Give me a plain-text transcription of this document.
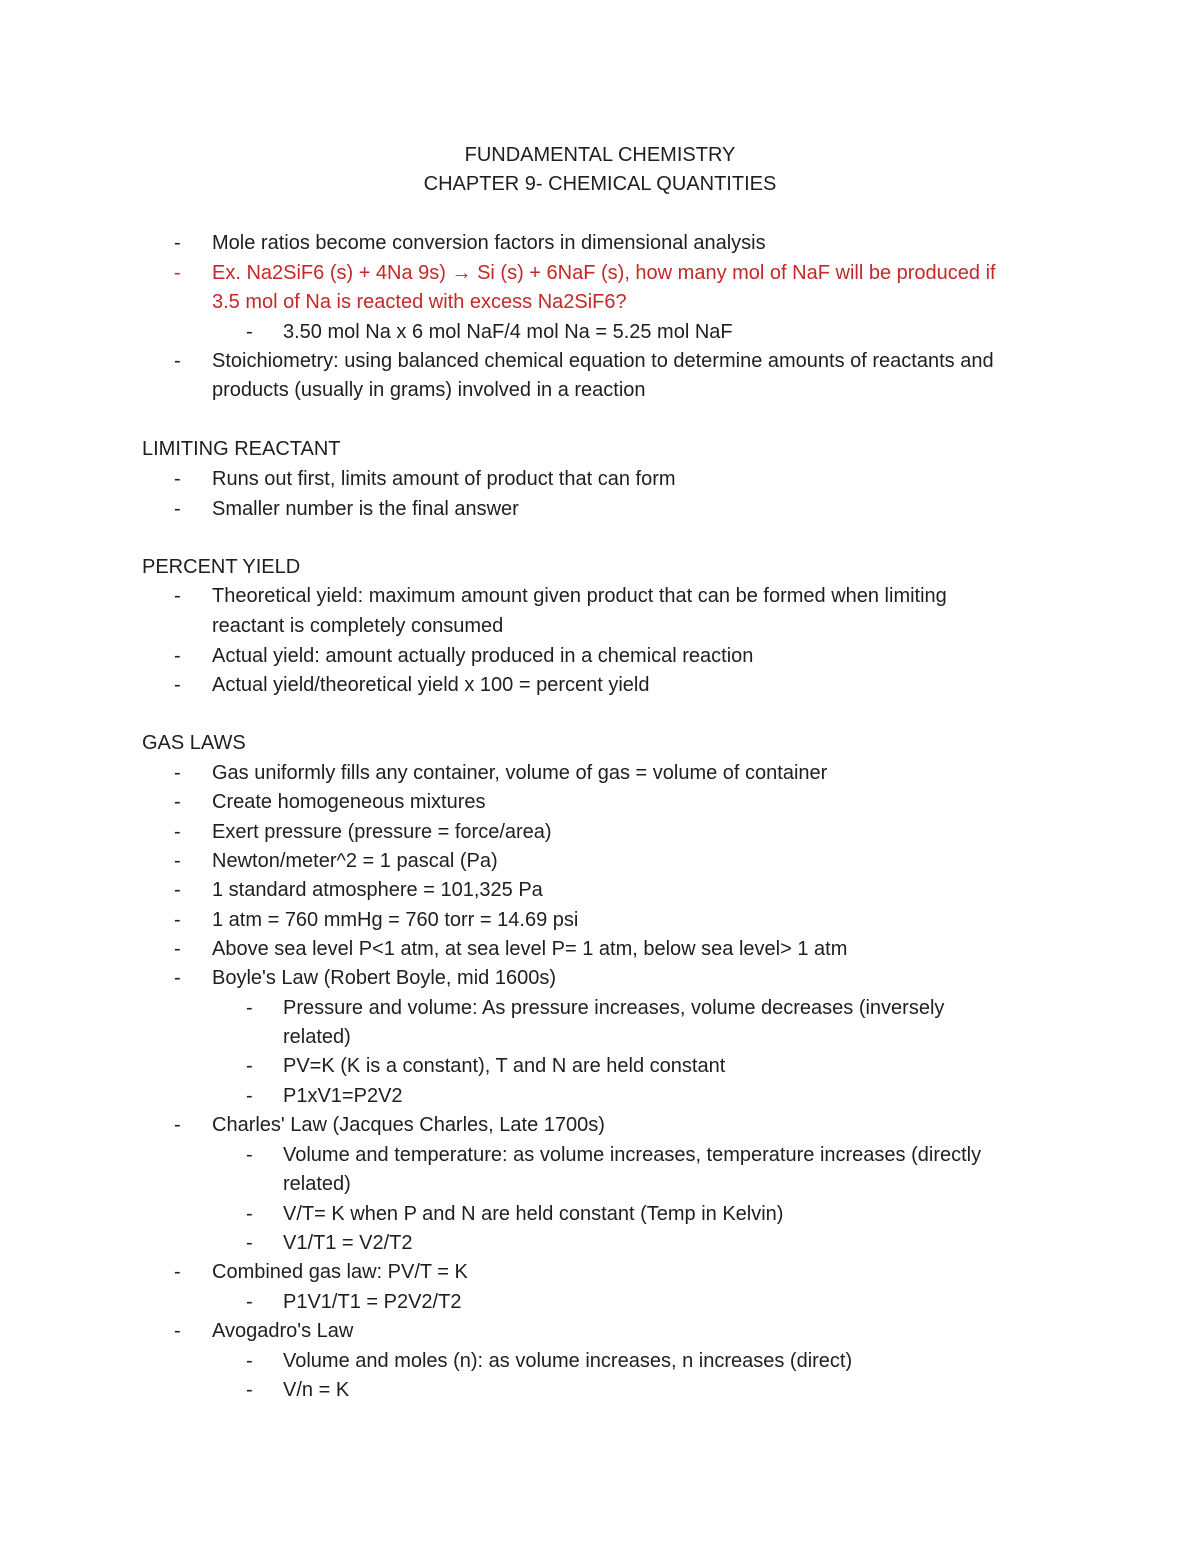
FUNDAMENTAL CHEMISTRY
CHAPTER 9- CHEMICAL QUANTITIES
- Mole ratios become conversion factors in dimensional analysis
- Ex. Na2SiF6 (s) + 4Na 9s) → Si (s) + 6NaF (s), how many mol of NaF will be produced if
3.5 mol of Na is reacted with excess Na2SiF6?
- 3.50 mol Na x 6 mol NaF/4 mol Na = 5.25 mol NaF
- Stoichiometry: using balanced chemical equation to determine amounts of reactants and
products (usually in grams) involved in a reaction
LIMITING REACTANT
- Runs out first, limits amount of product that can form
- Smaller number is the final answer
PERCENT YIELD
- Theoretical yield: maximum amount given product that can be formed when limiting
reactant is completely consumed
- Actual yield: amount actually produced in a chemical reaction
- Actual yield/theoretical yield x 100 = percent yield
GAS LAWS
- Gas uniformly fills any container, volume of gas = volume of container
- Create homogeneous mixtures
- Exert pressure (pressure = force/area)
- Newton/meter^2 = 1 pascal (Pa)
- 1 standard atmosphere = 101,325 Pa
- 1 atm = 760 mmHg = 760 torr = 14.69 psi
- Above sea level P<1 atm, at sea level P= 1 atm, below sea level> 1 atm
- Boyle's Law (Robert Boyle, mid 1600s)
- Pressure and volume: As pressure increases, volume decreases (inversely
related)
- PV=K (K is a constant), T and N are held constant
- P1xV1=P2V2
- Charles' Law (Jacques Charles, Late 1700s)
- Volume and temperature: as volume increases, temperature increases (directly
related)
- V/T= K when P and N are held constant (Temp in Kelvin)
- V1/T1 = V2/T2
- Combined gas law: PV/T = K
- P1V1/T1 = P2V2/T2
- Avogadro's Law
- Volume and moles (n): as volume increases, n increases (direct)
- V/n = K
